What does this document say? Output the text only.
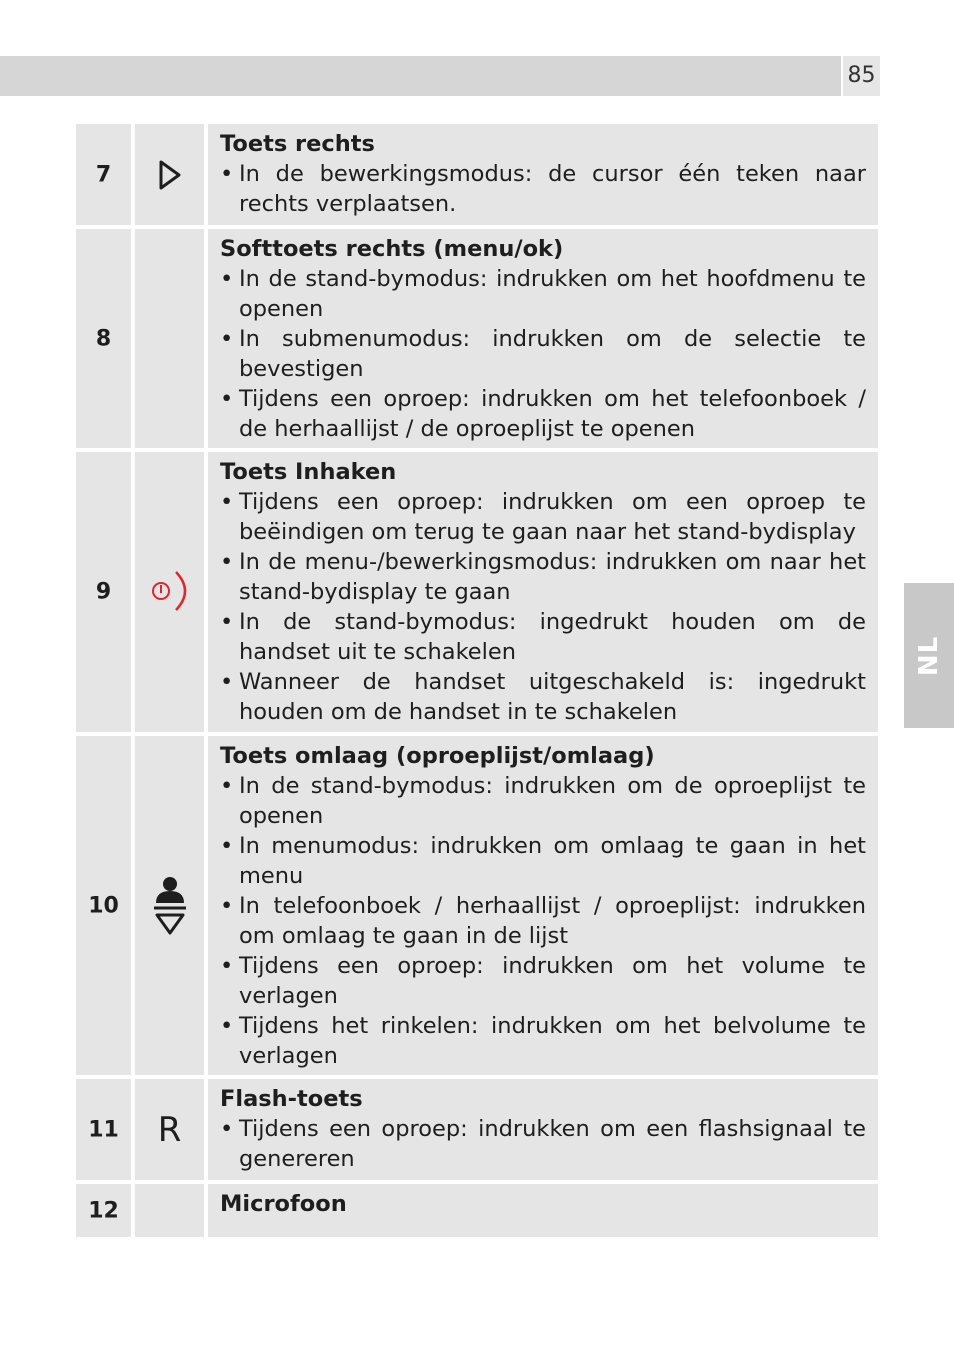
85
NL
7
Toets rechts
• In de bewerkingsmodus: de cursor één teken naar rechts verplaatsen.
8
Softtoets rechts (menu/ok)
• In de stand-bymodus: indrukken om het hoofdmenu te openen
• In submenumodus: indrukken om de selectie te bevestigen
• Tijdens een oproep: indrukken om het telefoonboek / de herhaallijst / de oproeplijst te openen
9
Toets Inhaken
• Tijdens een oproep: indrukken om een oproep te beëindigen om terug te gaan naar het stand-bydisplay
• In de menu-/bewerkingsmodus: indrukken om naar het stand-bydisplay te gaan
• In de stand-bymodus: ingedrukt houden om de handset uit te schakelen
• Wanneer de handset uitgeschakeld is: ingedrukt houden om de handset in te schakelen
10
Toets omlaag (oproeplijst/omlaag)
• In de stand-bymodus: indrukken om de oproeplijst te openen
• In menumodus: indrukken om omlaag te gaan in het menu
• In telefoonboek / herhaallijst / oproeplijst: indrukken om omlaag te gaan in de lijst
• Tijdens een oproep: indrukken om het volume te verlagen
• Tijdens het rinkelen: indrukken om het belvolume te verlagen
11	R
Flash-toets
• Tijdens een oproep: indrukken om een flashsignaal te genereren
12	Microfoon
